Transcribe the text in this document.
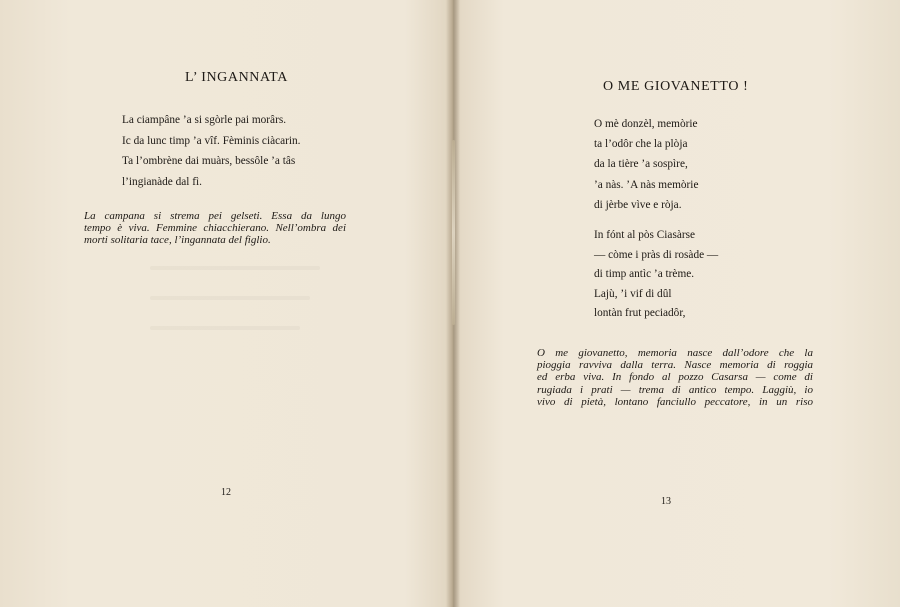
L’ INGANNATA
La ciampâne ’a si sgòrle pai morârs.
Ic da lunc timp ’a vîf. Fèminis ciàcarin.
Ta l’ombrène dai muàrs, bessôle ’a tâs
l’ingianàde dal fì.
La campana si strema pei gelseti. Essa da lungo
tempo è viva. Femmine chiacchierano. Nell’ombra dei
morti solitaria tace, l’ingannata del figlio.
12
O ME GIOVANETTO !
O mè donzèl, memòrie
ta l’odôr che la plòja
da la tière ’a sospìre,
’a nàs. ’A nàs memòrie
di jèrbe vìve e ròja.
In fónt al pòs Ciasàrse
— còme i pràs di rosàde —
di timp antìc ’a trème.
Lajù, ’i vif di dûl
lontàn frut peciadôr,
O me giovanetto, memoria nasce dall’odore che la
pioggia ravviva dalla terra. Nasce memoria di roggia
ed erba viva. In fondo al pozzo Casarsa — come di
rugiada i prati — trema di antico tempo. Laggiù, io
vivo di pietà, lontano fanciullo peccatore, in un riso
13
